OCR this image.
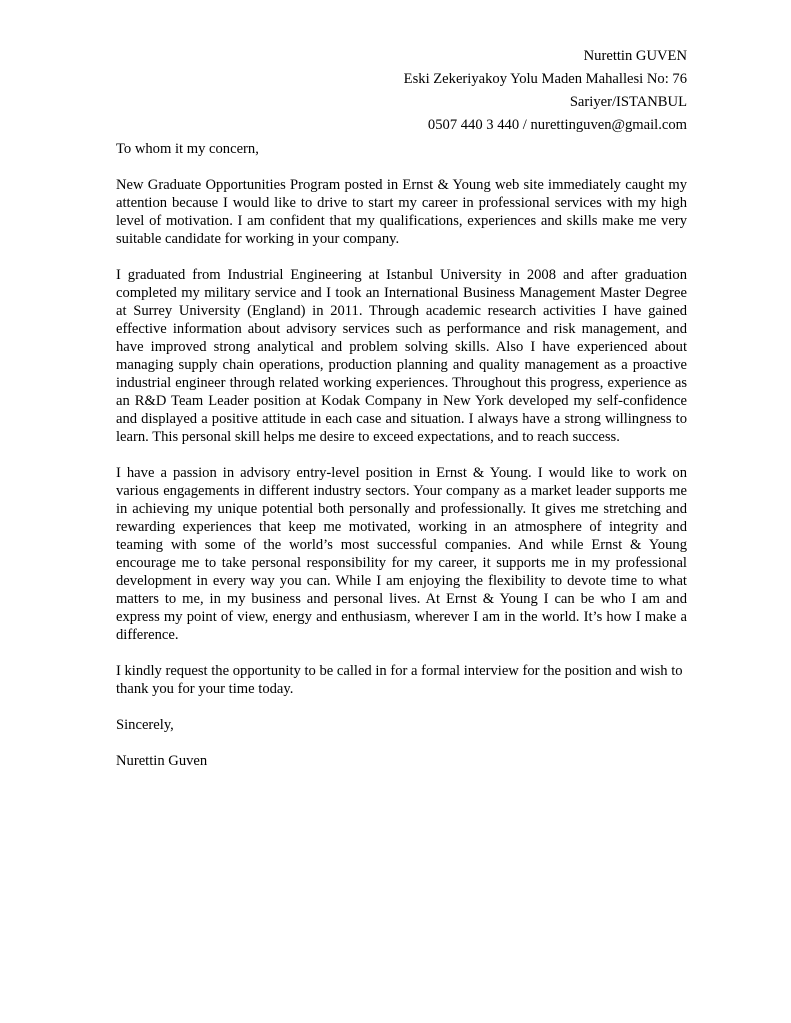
Nurettin GUVEN
Eski Zekeriyakoy Yolu Maden Mahallesi No: 76
Sariyer/ISTANBUL
0507 440 3 440 / nurettinguven@gmail.com
To whom it my concern,

New Graduate Opportunities Program posted in Ernst & Young web site immediately caught my attention because I would like to drive to start my career in professional services with my high level of motivation. I am confident that my qualifications, experiences and skills make me very suitable candidate for working in your company.

I graduated from Industrial Engineering at Istanbul University in 2008 and after graduation completed my military service and I took an International Business Management Master Degree at Surrey University (England) in 2011. Through academic research activities I have gained effective information about advisory services such as performance and risk management, and have improved strong analytical and problem solving skills. Also I have experienced about managing supply chain operations, production planning and quality management as a proactive industrial engineer through related working experiences. Throughout this progress, experience as an R&D Team Leader position at Kodak Company in New York developed my self-confidence and displayed a positive attitude in each case and situation. I always have a strong willingness to learn. This personal skill helps me desire to exceed expectations, and to reach success.

I have a passion in advisory entry-level position in Ernst & Young. I would like to work on various engagements in different industry sectors. Your company as a market leader supports me in achieving my unique potential both personally and professionally. It gives me stretching and rewarding experiences that keep me motivated, working in an atmosphere of integrity and teaming with some of the world’s most successful companies. And while Ernst & Young encourage me to take personal responsibility for my career, it supports me in my professional development in every way you can. While I am enjoying the flexibility to devote time to what matters to me, in my business and personal lives. At Ernst & Young I can be who I am and express my point of view, energy and enthusiasm, wherever I am in the world. It’s how I make a difference.

I kindly request the opportunity to be called in for a formal interview for the position and wish to thank you for your time today.

Sincerely,
Nurettin Guven
